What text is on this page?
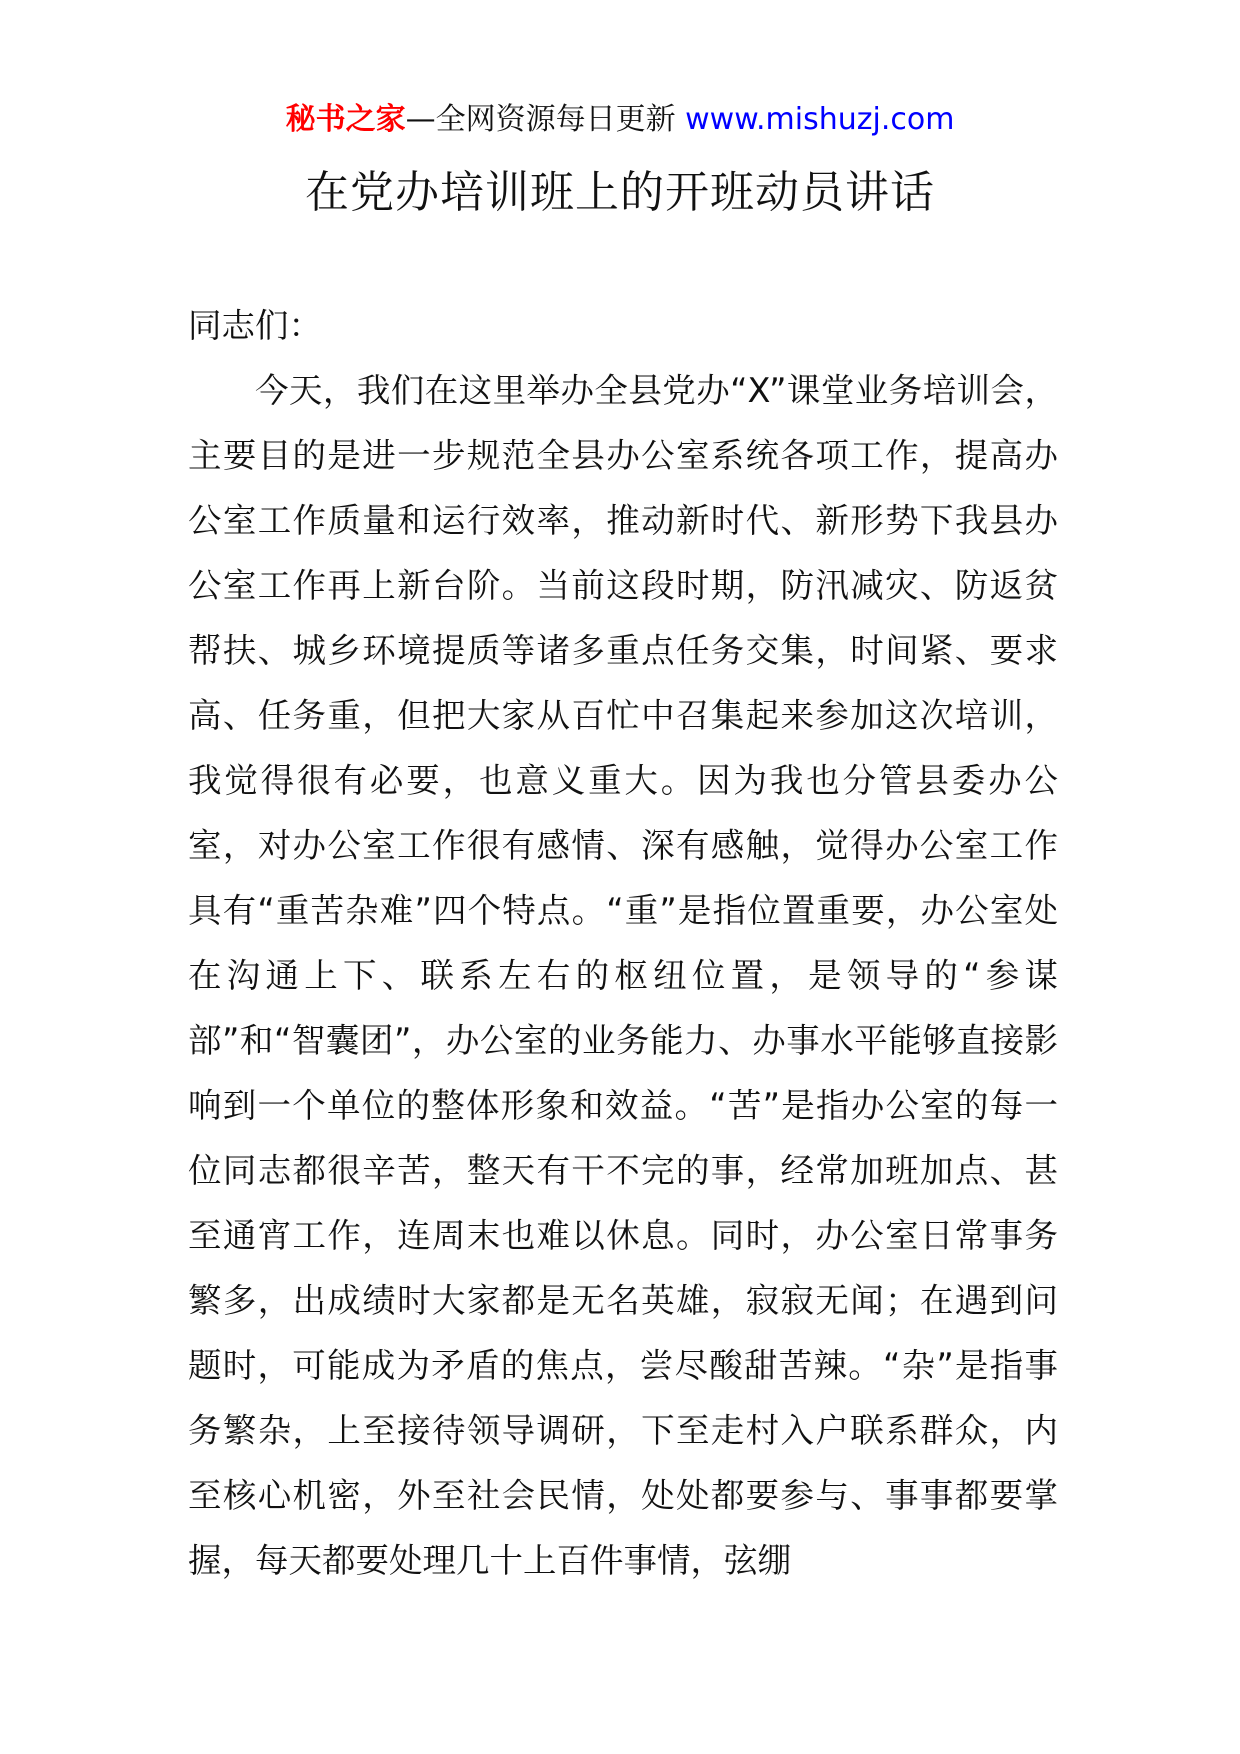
秘书之家—全网资源每日更新 www.mishuzj.com
在党办培训班上的开班动员讲话

同志们：

今天，我们在这里举办全县党办“X”课堂业务培训会，主要目的是进一步规范全县办公室系统各项工作，提高办公室工作质量和运行效率，推动新时代、新形势下我县办公室工作再上新台阶。当前这段时期，防汛减灾、防返贫帮扶、城乡环境提质等诸多重点任务交集，时间紧、要求高、任务重，但把大家从百忙中召集起来参加这次培训，我觉得很有必要，也意义重大。因为我也分管县委办公室，对办公室工作很有感情、深有感触，觉得办公室工作具有“重苦杂难”四个特点。“重”是指位置重要，办公室处在沟通上下、联系左右的枢纽位置，是领导的“参谋部”和“智囊团”，办公室的业务能力、办事水平能够直接影响到一个单位的整体形象和效益。“苦”是指办公室的每一位同志都很辛苦，整天有干不完的事，经常加班加点、甚至通宵工作，连周末也难以休息。同时，办公室日常事务繁多，出成绩时大家都是无名英雄，寂寂无闻；在遇到问题时，可能成为矛盾的焦点，尝尽酸甜苦辣。“杂”是指事务繁杂，上至接待领导调研，下至走村入户联系群众，内至核心机密，外至社会民情，处处都要参与、事事都要掌握，每天都要处理几十上百件事情，弦绷
